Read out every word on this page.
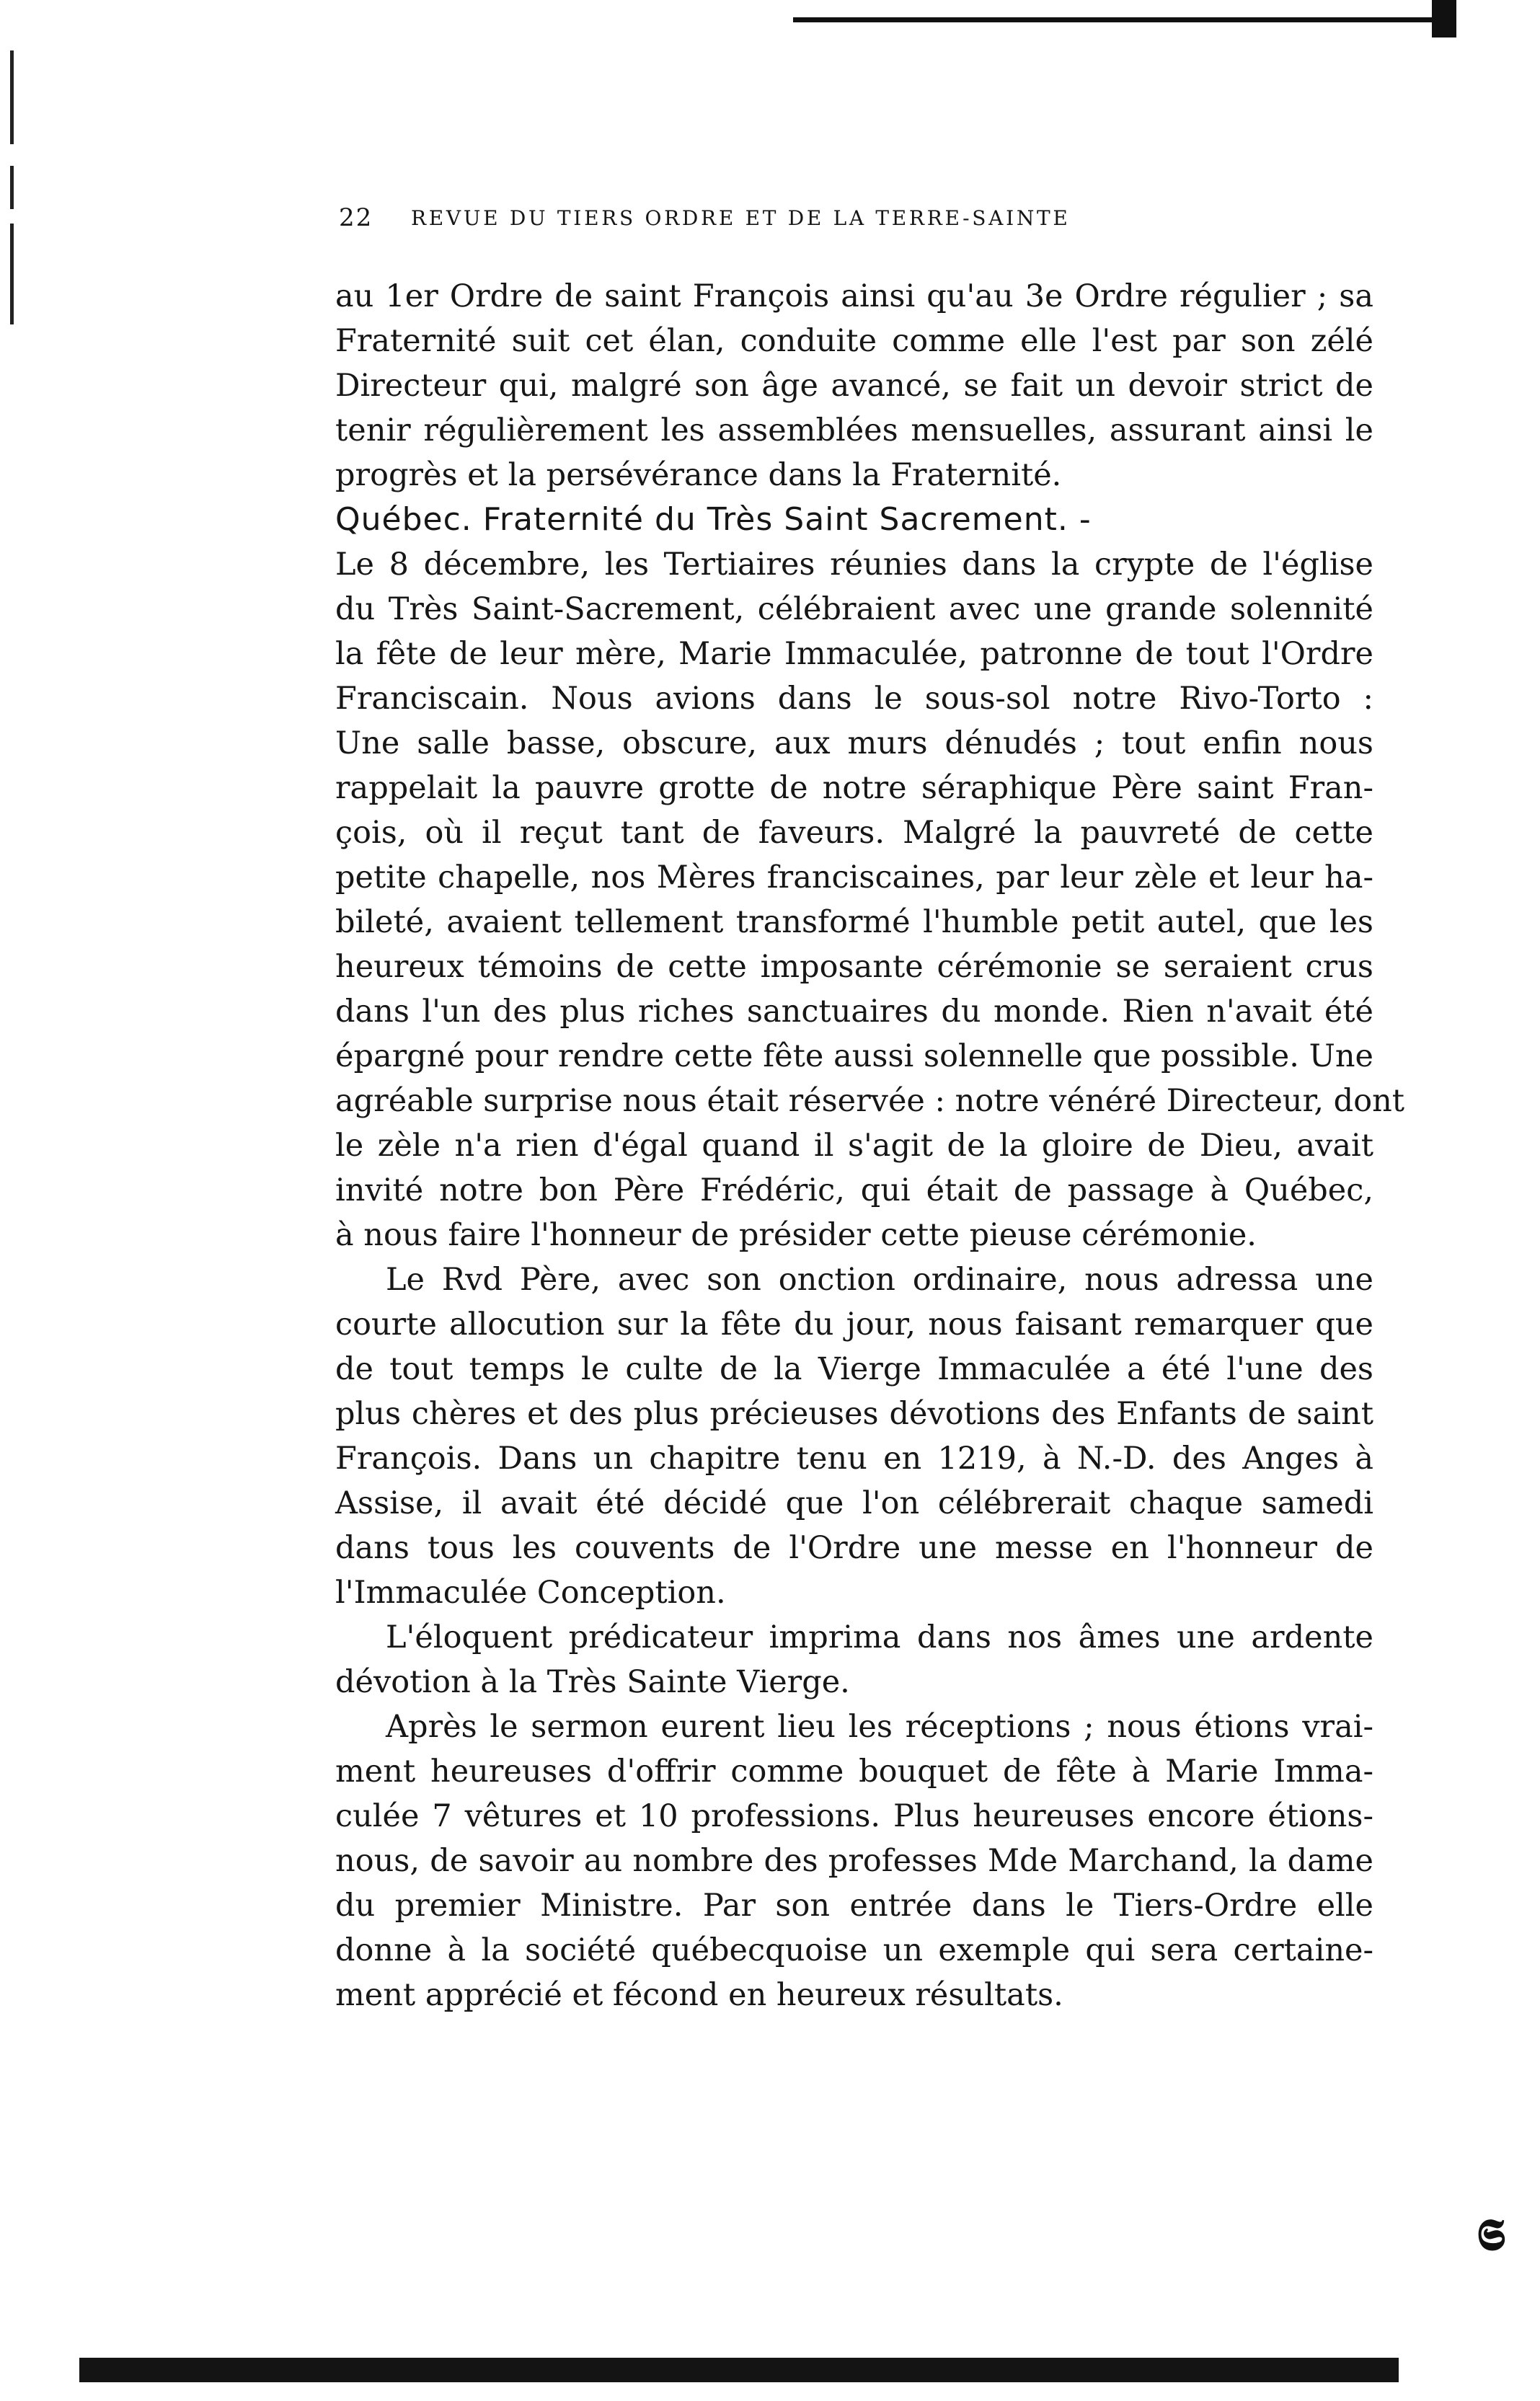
22 REVUE DU TIERS ORDRE ET DE LA TERRE-SAINTE
au 1er Ordre de saint François ainsi qu'au 3e Ordre régulier ; sa
Fraternité suit cet élan, conduite comme elle l'est par son zélé
Directeur qui, malgré son âge avancé, se fait un devoir strict de
tenir régulièrement les assemblées mensuelles, assurant ainsi le
progrès et la persévérance dans la Fraternité.
Québec. Fraternité du Très Saint Sacrement. -
Le 8 décembre, les Tertiaires réunies dans la crypte de l'église
du Très Saint-Sacrement, célébraient avec une grande solennité
la fête de leur mère, Marie Immaculée, patronne de tout l'Ordre
Franciscain. Nous avions dans le sous-sol notre Rivo-Torto :
Une salle basse, obscure, aux murs dénudés ; tout enfin nous
rappelait la pauvre grotte de notre séraphique Père saint Fran-
çois, où il reçut tant de faveurs. Malgré la pauvreté de cette
petite chapelle, nos Mères franciscaines, par leur zèle et leur ha-
bileté, avaient tellement transformé l'humble petit autel, que les
heureux témoins de cette imposante cérémonie se seraient crus
dans l'un des plus riches sanctuaires du monde. Rien n'avait été
épargné pour rendre cette fête aussi solennelle que possible. Une
agréable surprise nous était réservée : notre vénéré Directeur, dont
le zèle n'a rien d'égal quand il s'agit de la gloire de Dieu, avait
invité notre bon Père Frédéric, qui était de passage à Québec,
à nous faire l'honneur de présider cette pieuse cérémonie.
Le Rvd Père, avec son onction ordinaire, nous adressa une
courte allocution sur la fête du jour, nous faisant remarquer que
de tout temps le culte de la Vierge Immaculée a été l'une des
plus chères et des plus précieuses dévotions des Enfants de saint
François. Dans un chapitre tenu en 1219, à N.-D. des Anges à
Assise, il avait été décidé que l'on célébrerait chaque samedi
dans tous les couvents de l'Ordre une messe en l'honneur de
l'Immaculée Conception.
L'éloquent prédicateur imprima dans nos âmes une ardente
dévotion à la Très Sainte Vierge.
Après le sermon eurent lieu les réceptions ; nous étions vrai-
ment heureuses d'offrir comme bouquet de fête à Marie Imma-
culée 7 vêtures et 10 professions. Plus heureuses encore étions-
nous, de savoir au nombre des professes Mde Marchand, la dame
du premier Ministre. Par son entrée dans le Tiers-Ordre elle
donne à la société québecquoise un exemple qui sera certaine-
ment apprécié et fécond en heureux résultats.
𝕾
